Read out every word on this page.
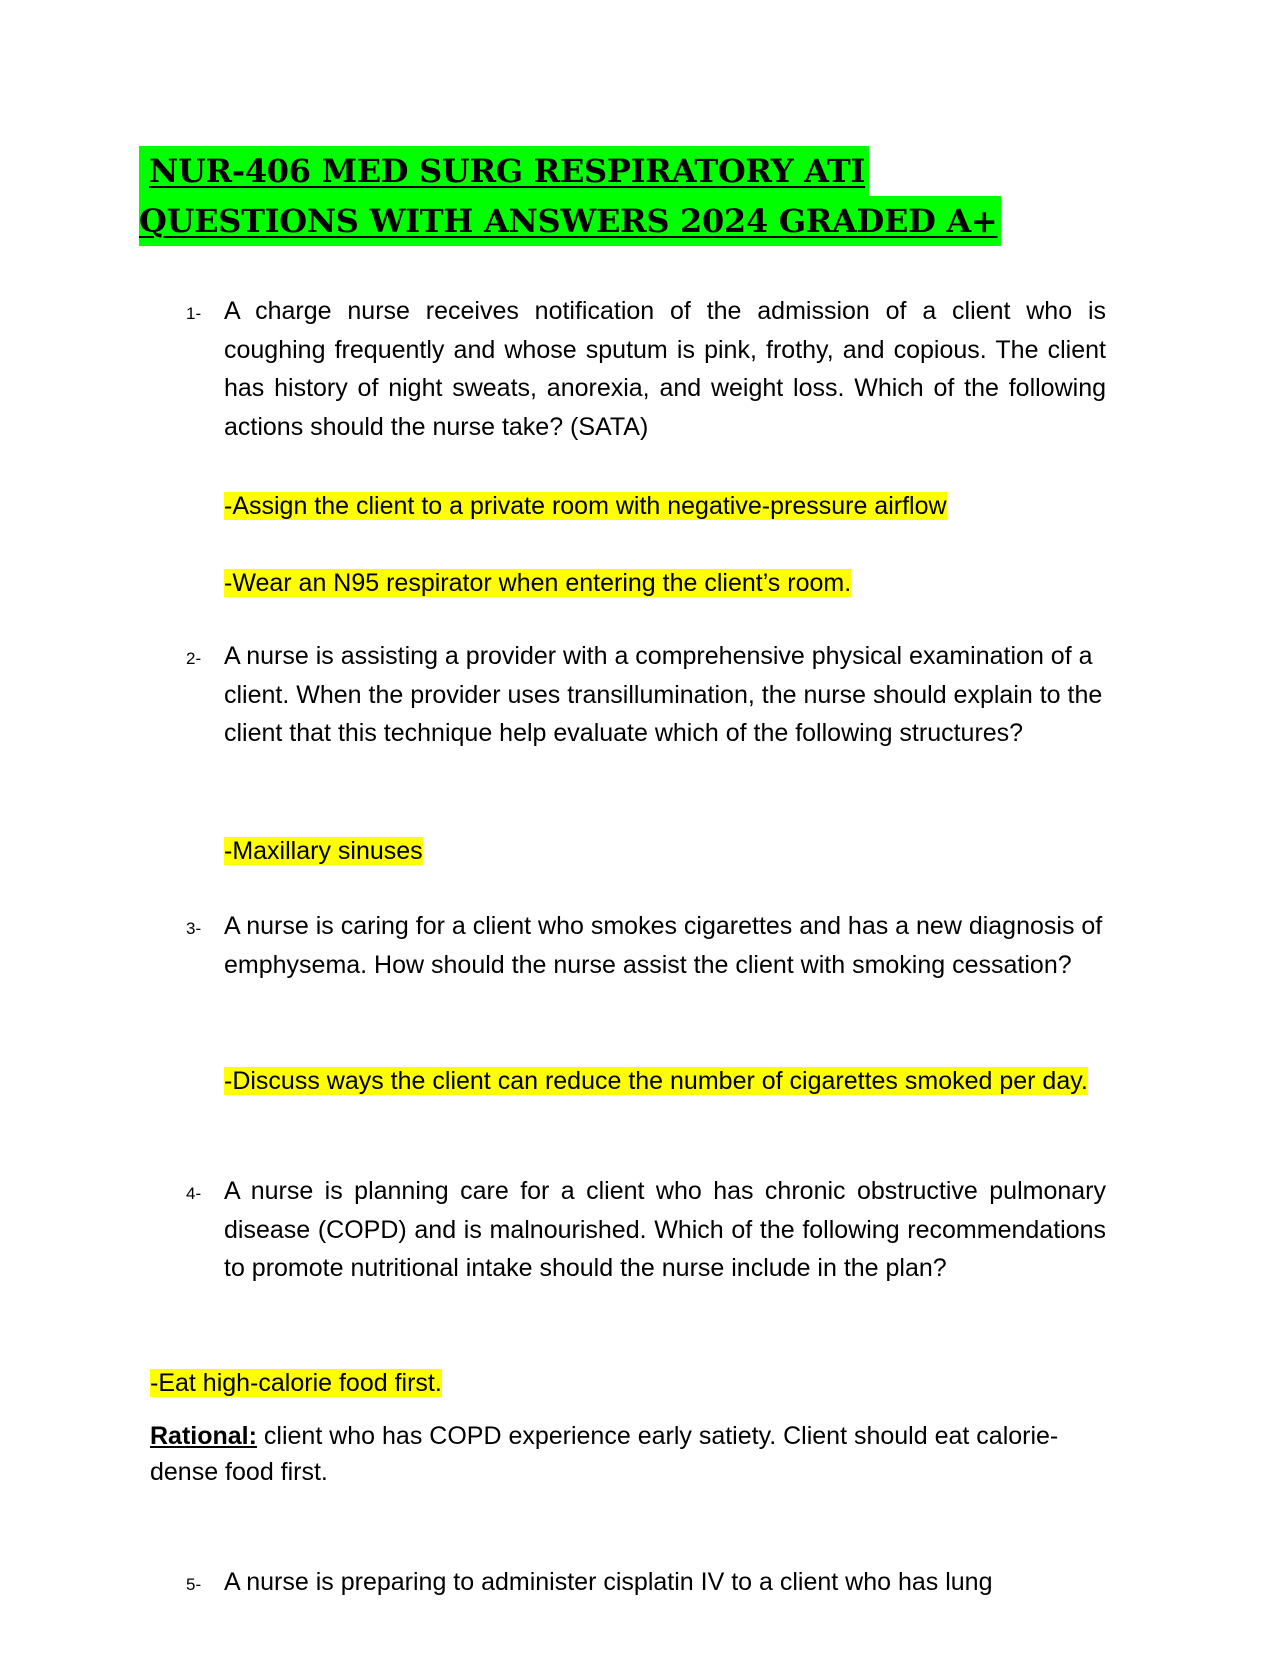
NUR-406 MED SURG RESPIRATORY ATI
QUESTIONS WITH ANSWERS 2024 GRADED A+
1- A charge nurse receives notification of the admission of a client who is coughing frequently and whose sputum is pink, frothy, and copious. The client has history of night sweats, anorexia, and weight loss. Which of the following actions should the nurse take? (SATA)
-Assign the client to a private room with negative-pressure airflow
-Wear an N95 respirator when entering the client’s room.
2- A nurse is assisting a provider with a comprehensive physical examination of a client. When the provider uses transillumination, the nurse should explain to the client that this technique help evaluate which of the following structures?
-Maxillary sinuses
3- A nurse is caring for a client who smokes cigarettes and has a new diagnosis of emphysema. How should the nurse assist the client with smoking cessation?
-Discuss ways the client can reduce the number of cigarettes smoked per day.
4- A nurse is planning care for a client who has chronic obstructive pulmonary disease (COPD) and is malnourished. Which of the following recommendations to promote nutritional intake should the nurse include in the plan?
-Eat high-calorie food first.
Rational: client who has COPD experience early satiety. Client should eat calorie-dense food first.
5- A nurse is preparing to administer cisplatin IV to a client who has lung
